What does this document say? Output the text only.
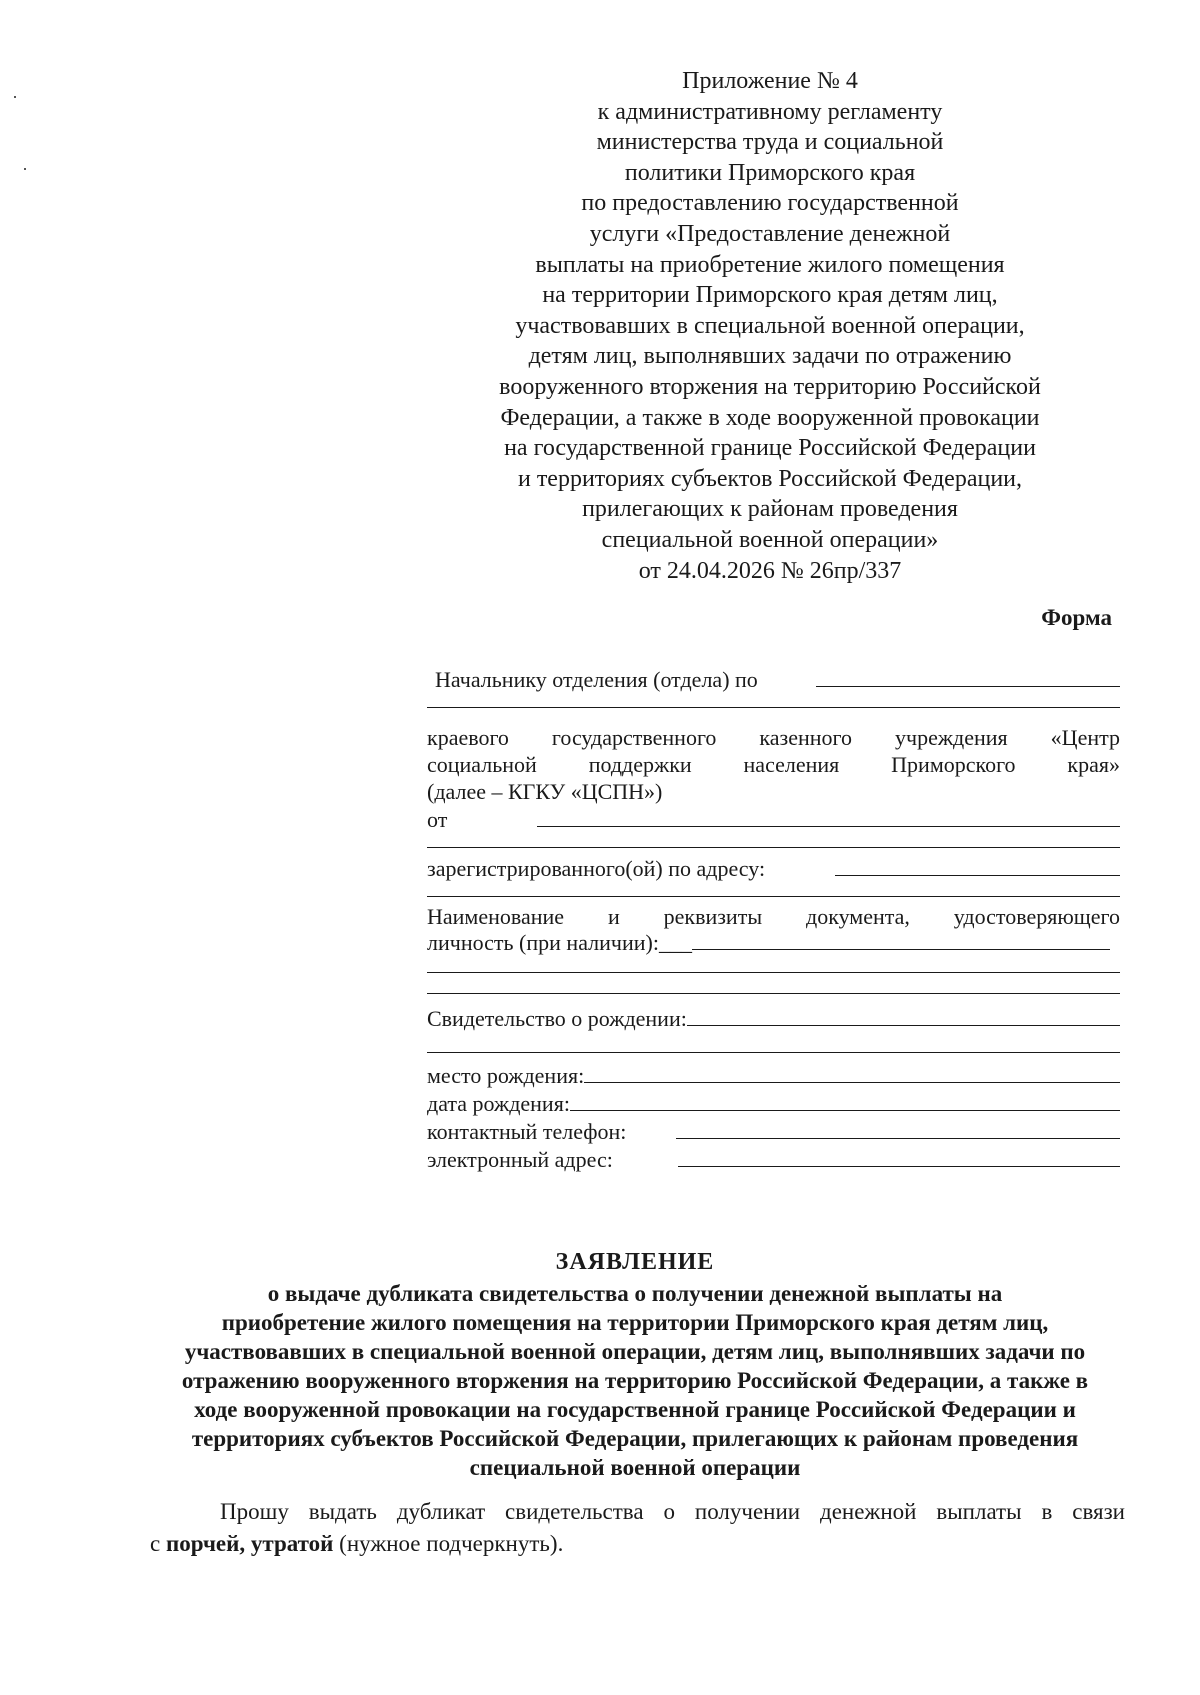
Приложение № 4
к административному регламенту
министерства труда и социальной
политики Приморского края
по предоставлению государственной
услуги «Предоставление денежной
выплаты на приобретение жилого помещения
на территории Приморского края детям лиц,
участвовавших в специальной военной операции,
детям лиц, выполнявших задачи по отражению
вооруженного вторжения на территорию Российской
Федерации, а также в ходе вооруженной провокации
на государственной границе Российской Федерации
и территориях субъектов Российской Федерации,
прилегающих к районам проведения
специальной военной операции»
от 24.04.2026 № 26пр/337
Форма
Начальнику отделения (отдела) по
краевого государственного казенного учреждения «Центр
социальной поддержки населения Приморского края»
(далее – КГКУ «ЦСПН»)
от
зарегистрированного(ой) по адресу:
Наименование и реквизиты документа, удостоверяющего
личность (при наличии):___
Свидетельство о рождении:
место рождения:
дата рождения:
контактный телефон:
электронный адрес:
ЗАЯВЛЕНИЕ
о выдаче дубликата свидетельства о получении денежной выплаты на
приобретение жилого помещения на территории Приморского края детям лиц,
участвовавших в специальной военной операции, детям лиц, выполнявших задачи по
отражению вооруженного вторжения на территорию Российской Федерации, а также в
ходе вооруженной провокации на государственной границе Российской Федерации и
территориях субъектов Российской Федерации, прилегающих к районам проведения
специальной военной операции
Прошу выдать дубликат свидетельства о получении денежной выплаты в связи
с порчей, утратой (нужное подчеркнуть).
